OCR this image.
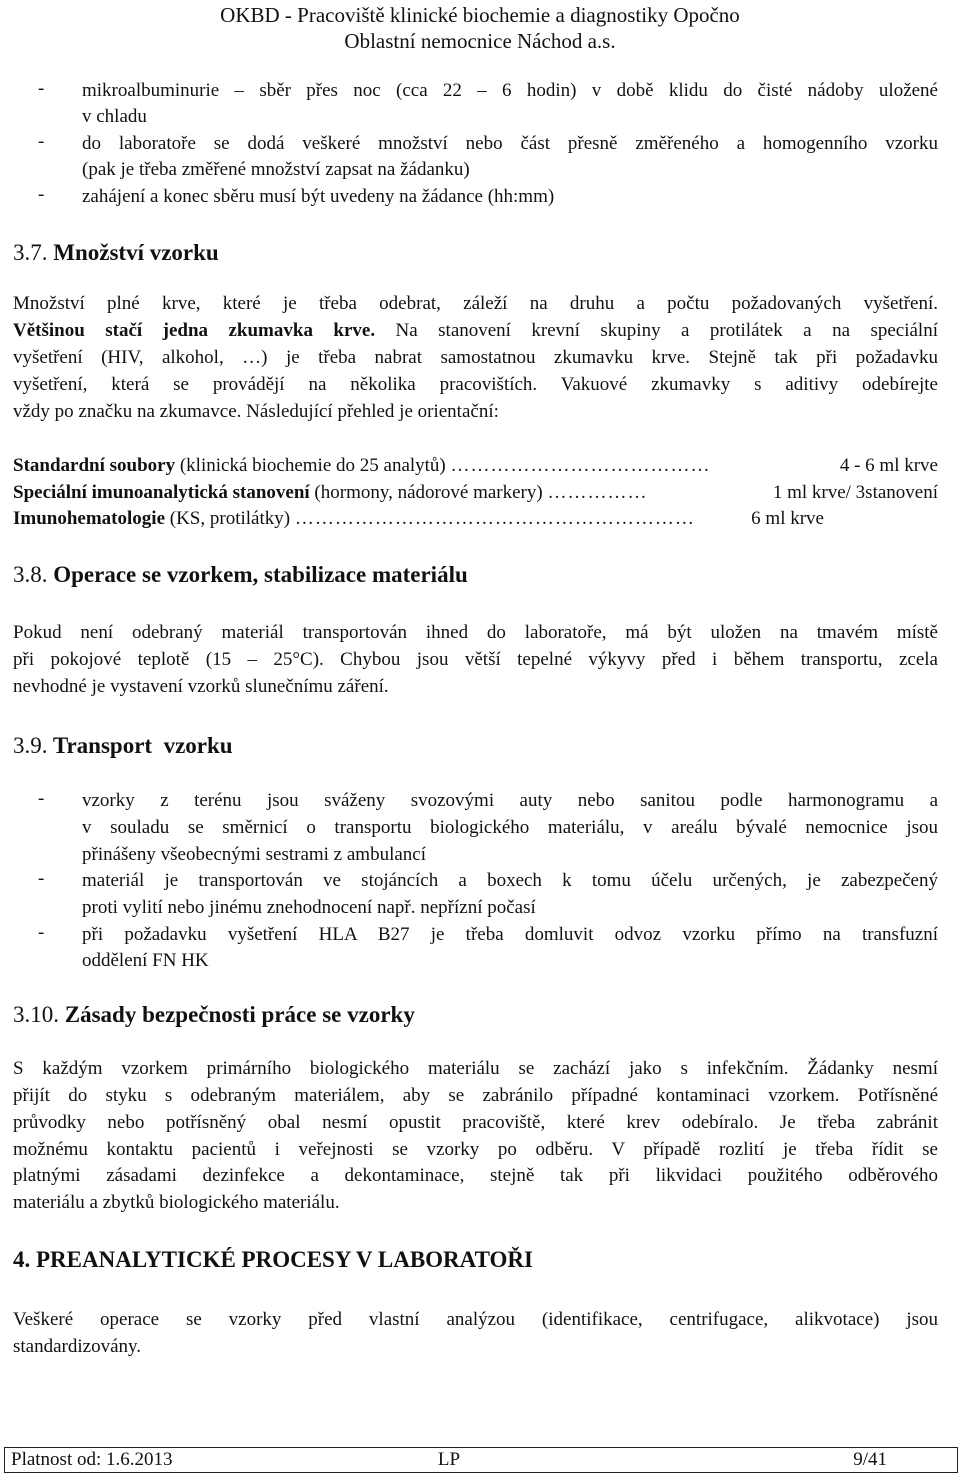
OKBD - Pracoviště klinické biochemie a diagnostiky Opočno
Oblastní nemocnice Náchod a.s.
- mikroalbuminurie – sběr přes noc (cca 22 – 6 hodin) v době klidu do čisté nádoby uložené
v chladu
- do laboratoře se dodá veškeré množství nebo část přesně změřeného a homogenního vzorku
(pak je třeba změřené množství zapsat na žádanku)
- zahájení a konec sběru musí být uvedeny na žádance (hh:mm)
3.7. Množství vzorku
Množství plné krve, které je třeba odebrat, záleží na druhu a počtu požadovaných vyšetření.
Většinou stačí jedna zkumavka krve. Na stanovení krevní skupiny a protilátek a na speciální
vyšetření (HIV, alkohol, …) je třeba nabrat samostatnou zkumavku krve. Stejně tak při požadavku
vyšetření, která se provádějí na několika pracovištích. Vakuové zkumavky s aditivy odebírejte
vždy po značku na zkumavce. Následující přehled je orientační:
Standardní soubory (klinická biochemie do 25 analytů) …………………………………	4 - 6 ml krve
Speciální imunoanalytická stanovení (hormony, nádorové markery) ……………	1 ml krve/ 3stanovení
Imunohematologie (KS, protilátky) ……………………………………………………	6 ml krve
3.8. Operace se vzorkem, stabilizace materiálu
Pokud není odebraný materiál transportován ihned do laboratoře, má být uložen na tmavém místě
při pokojové teplotě (15 – 25°C). Chybou jsou větší tepelné výkyvy před i během transportu, zcela
nevhodné je vystavení vzorků slunečnímu záření.
3.9. Transport  vzorku
- vzorky z terénu jsou sváženy svozovými auty nebo sanitou podle harmonogramu a
v souladu se směrnicí o transportu biologického materiálu, v areálu bývalé nemocnice jsou
přinášeny všeobecnými sestrami z ambulancí
- materiál je transportován ve stojáncích a boxech k tomu účelu určených, je zabezpečený
proti vylití nebo jinému znehodnocení např. nepřízní počasí
- při požadavku vyšetření HLA B27 je třeba domluvit odvoz vzorku přímo na transfuzní
oddělení FN HK
3.10. Zásady bezpečnosti práce se vzorky
S každým vzorkem primárního biologického materiálu se zachází jako s infekčním. Žádanky nesmí
přijít do styku s odebraným materiálem, aby se zabránilo případné kontaminaci vzorkem. Potřísněné
průvodky nebo potřísněný obal nesmí opustit pracoviště, které krev odebíralo. Je třeba zabránit
možnému kontaktu pacientů i veřejnosti se vzorky po odběru. V případě rozlití je třeba řídit se
platnými zásadami dezinfekce a dekontaminace, stejně tak při likvidaci použitého odběrového
materiálu a zbytků biologického materiálu.
4. PREANALYTICKÉ PROCESY V LABORATOŘI
Veškeré operace se vzorky před vlastní analýzou (identifikace, centrifugace, alikvotace) jsou
standardizovány.
Platnost od: 1.6.2013	LP	9/41
